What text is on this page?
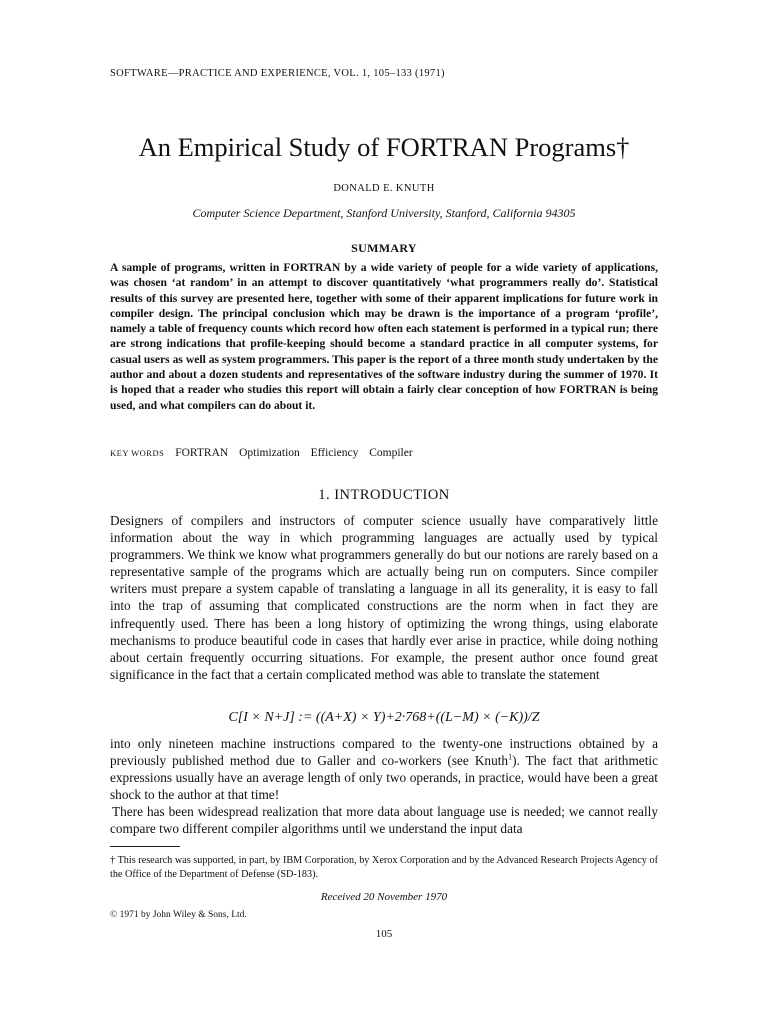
SOFTWARE—PRACTICE AND EXPERIENCE, VOL. 1, 105–133 (1971)
An Empirical Study of FORTRAN Programs†
DONALD E. KNUTH
Computer Science Department, Stanford University, Stanford, California 94305
SUMMARY
A sample of programs, written in FORTRAN by a wide variety of people for a wide variety of applications, was chosen ‘at random’ in an attempt to discover quantitatively ‘what programmers really do’. Statistical results of this survey are presented here, together with some of their apparent implications for future work in compiler design. The principal conclusion which may be drawn is the importance of a program ‘profile’, namely a table of frequency counts which record how often each statement is performed in a typical run; there are strong indications that profile-keeping should become a standard practice in all computer systems, for casual users as well as system programmers. This paper is the report of a three month study undertaken by the author and about a dozen students and representatives of the software industry during the summer of 1970. It is hoped that a reader who studies this report will obtain a fairly clear conception of how FORTRAN is being used, and what compilers can do about it.
KEY WORDS FORTRAN Optimization Efficiency Compiler
1. INTRODUCTION
Designers of compilers and instructors of computer science usually have comparatively little information about the way in which programming languages are actually used by typical programmers. We think we know what programmers generally do but our notions are rarely based on a representative sample of the programs which are actually being run on computers. Since compiler writers must prepare a system capable of translating a language in all its generality, it is easy to fall into the trap of assuming that complicated constructions are the norm when in fact they are infrequently used. There has been a long history of optimizing the wrong things, using elaborate mechanisms to produce beautiful code in cases that hardly ever arise in practice, while doing nothing about certain frequently occurring situations. For example, the present author once found great significance in the fact that a certain complicated method was able to translate the statement
C[I × N+J] := ((A+X) × Y)+2·768+((L−M) × (−K))/Z
into only nineteen machine instructions compared to the twenty-one instructions obtained by a previously published method due to Galler and co-workers (see Knuth$^1$). The fact that arithmetic expressions usually have an average length of only two operands, in practice, would have been a great shock to the author at that time!
There has been widespread realization that more data about language use is needed; we cannot really compare two different compiler algorithms until we understand the input data
† This research was supported, in part, by IBM Corporation, by Xerox Corporation and by the Advanced Research Projects Agency of the Office of the Department of Defense (SD-183).
Received 20 November 1970
© 1971 by John Wiley & Sons, Ltd.
105
